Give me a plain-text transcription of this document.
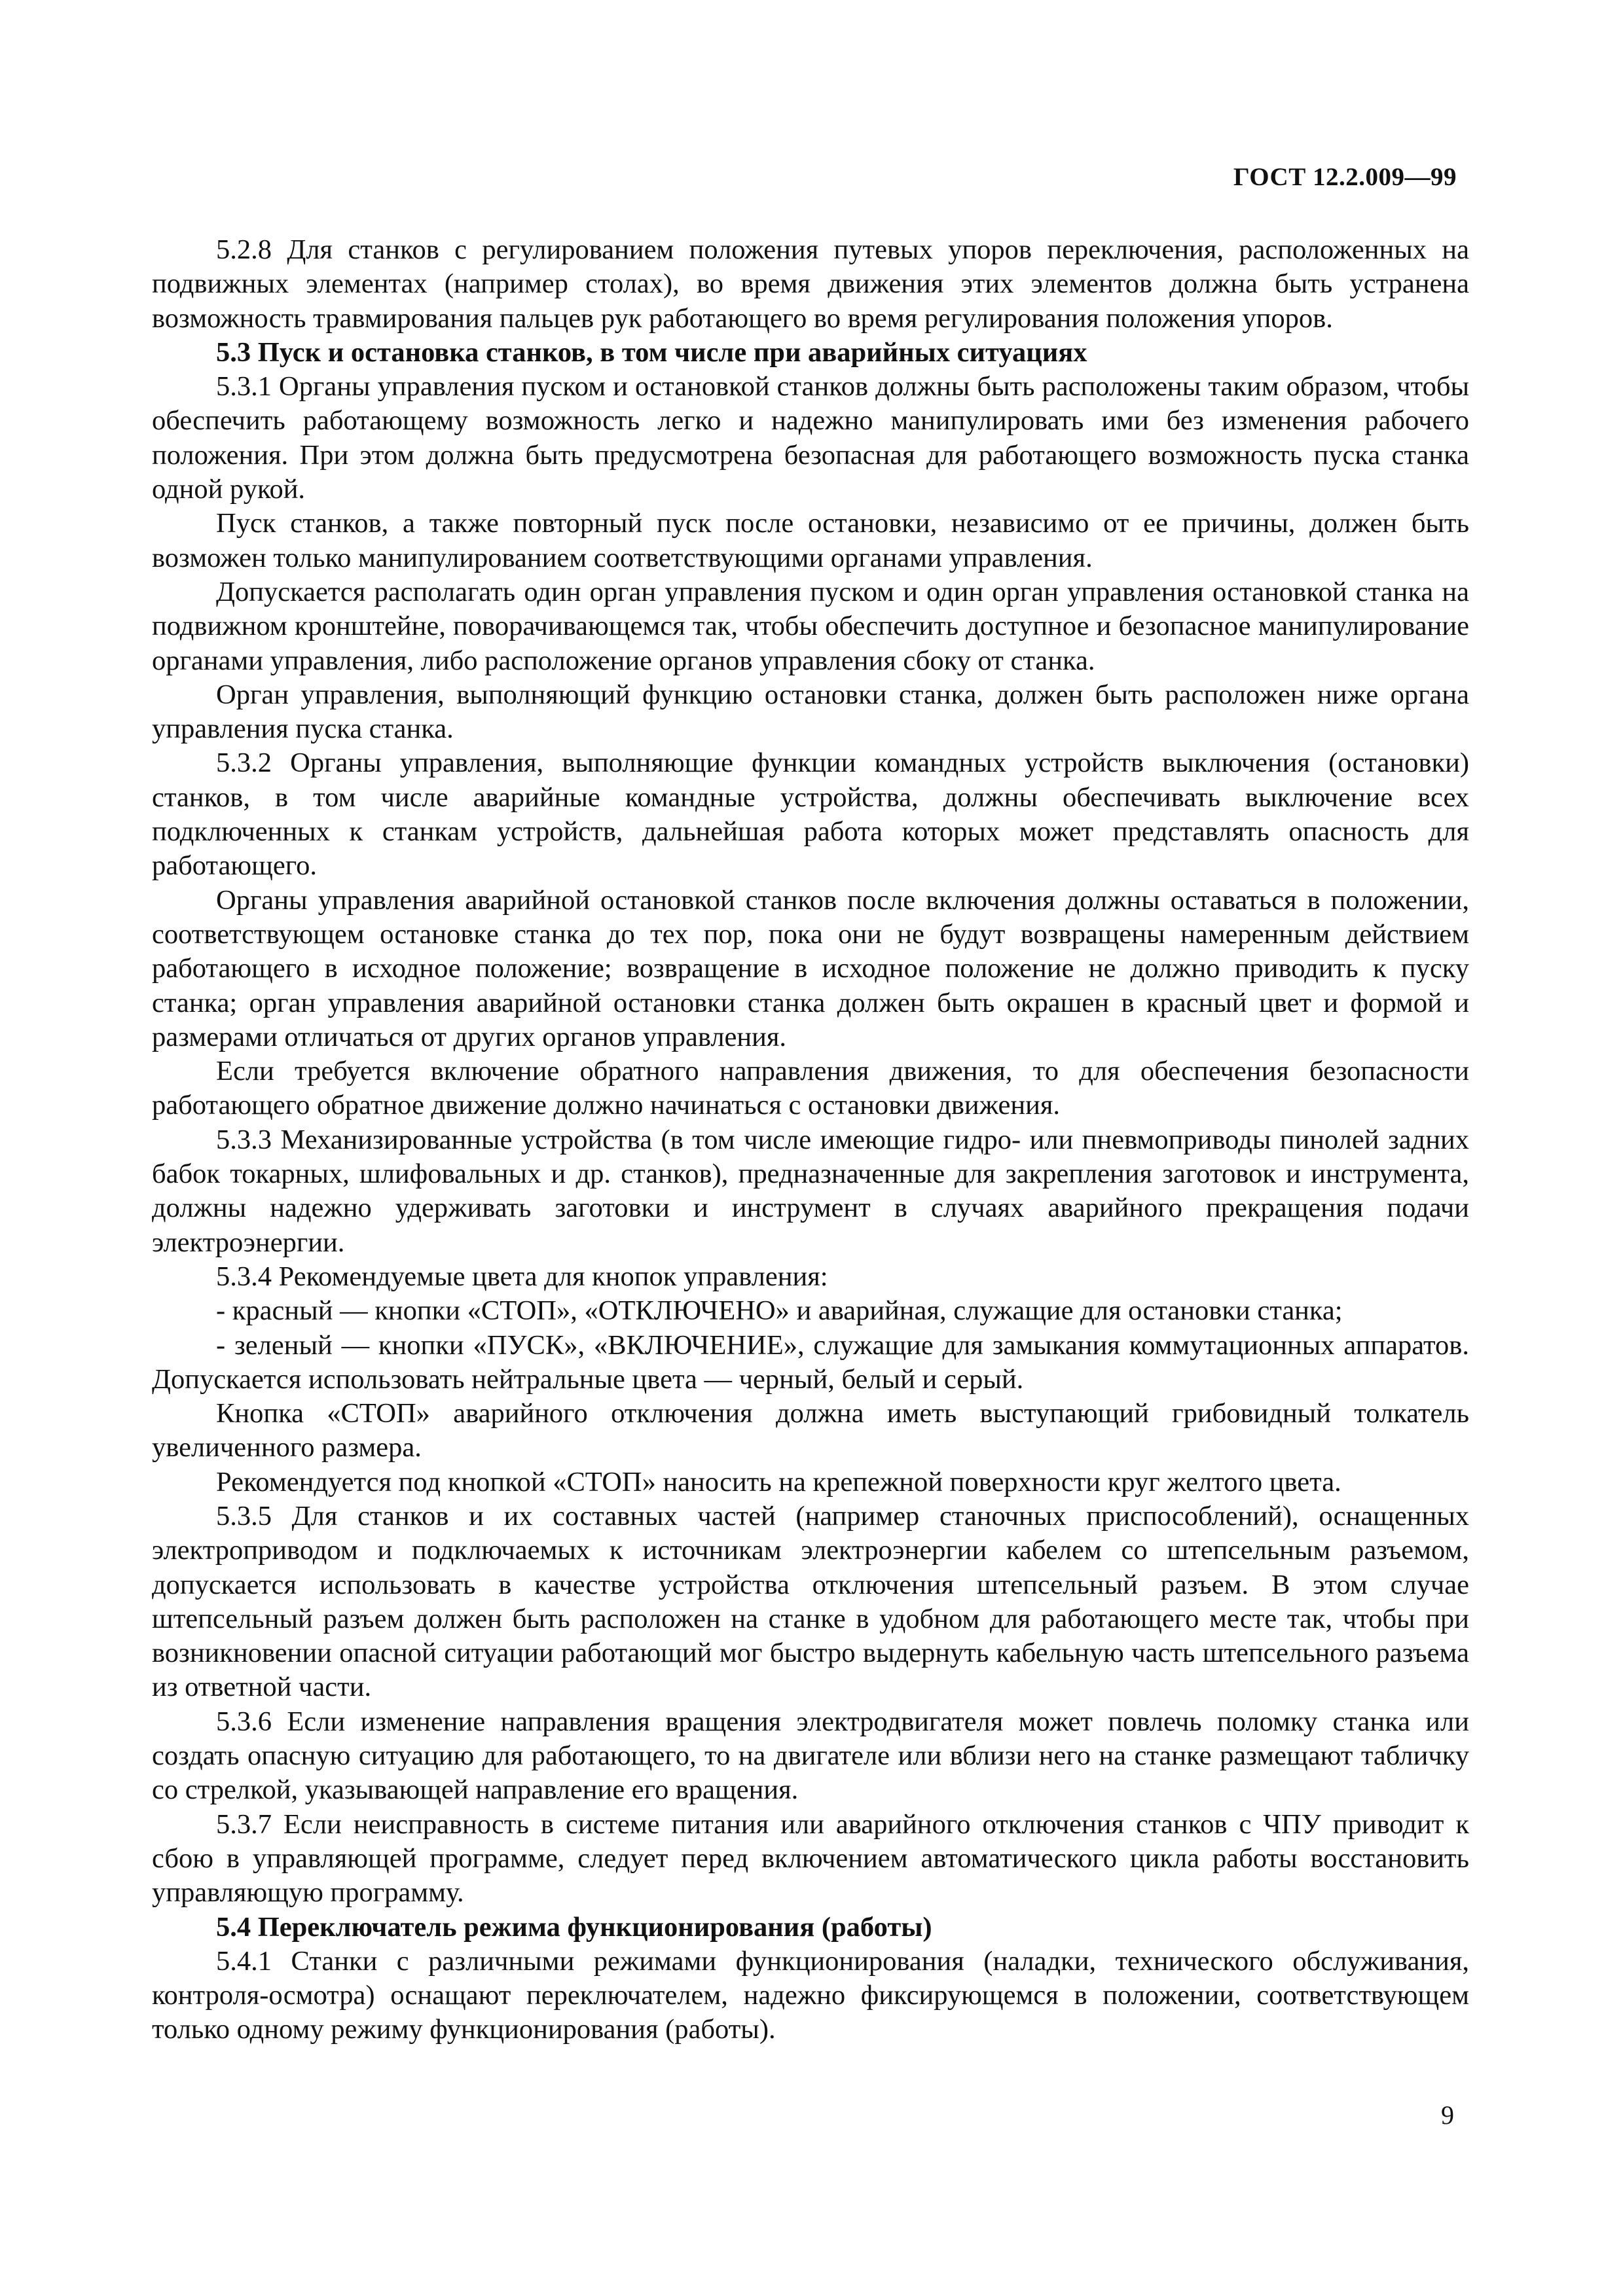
ГОСТ 12.2.009—99

5.2.8 Для станков с регулированием положения путевых упоров переключения, расположенных на подвижных элементах (например столах), во время движения этих элементов должна быть устранена возможность травмирования пальцев рук работающего во время регулирования положения упоров.

5.3 Пуск и остановка станков, в том числе при аварийных ситуациях

5.3.1 Органы управления пуском и остановкой станков должны быть расположены таким образом, чтобы обеспечить работающему возможность легко и надежно манипулировать ими без изменения рабочего положения. При этом должна быть предусмотрена безопасная для работающего возможность пуска станка одной рукой.

Пуск станков, а также повторный пуск после остановки, независимо от ее причины, должен быть возможен только манипулированием соответствующими органами управления.

Допускается располагать один орган управления пуском и один орган управления остановкой станка на подвижном кронштейне, поворачивающемся так, чтобы обеспечить доступное и безопасное манипулирование органами управления, либо расположение органов управления сбоку от станка.

Орган управления, выполняющий функцию остановки станка, должен быть расположен ниже органа управления пуска станка.

5.3.2 Органы управления, выполняющие функции командных устройств выключения (остановки) станков, в том числе аварийные командные устройства, должны обеспечивать выключение всех подключенных к станкам устройств, дальнейшая работа которых может представлять опасность для работающего.

Органы управления аварийной остановкой станков после включения должны оставаться в положении, соответствующем остановке станка до тех пор, пока они не будут возвращены намеренным действием работающего в исходное положение; возвращение в исходное положение не должно приводить к пуску станка; орган управления аварийной остановки станка должен быть окрашен в красный цвет и формой и размерами отличаться от других органов управления.

Если требуется включение обратного направления движения, то для обеспечения безопасности работающего обратное движение должно начинаться с остановки движения.

5.3.3 Механизированные устройства (в том числе имеющие гидро- или пневмоприводы пинолей задних бабок токарных, шлифовальных и др. станков), предназначенные для закрепления заготовок и инструмента, должны надежно удерживать заготовки и инструмент в случаях аварийного прекращения подачи электроэнергии.

5.3.4 Рекомендуемые цвета для кнопок управления:

- красный — кнопки «СТОП», «ОТКЛЮЧЕНО» и аварийная, служащие для остановки станка;

- зеленый — кнопки «ПУСК», «ВКЛЮЧЕНИЕ», служащие для замыкания коммутационных аппаратов. Допускается использовать нейтральные цвета — черный, белый и серый.

Кнопка «СТОП» аварийного отключения должна иметь выступающий грибовидный толкатель увеличенного размера.

Рекомендуется под кнопкой «СТОП» наносить на крепежной поверхности круг желтого цвета.

5.3.5 Для станков и их составных частей (например станочных приспособлений), оснащенных электроприводом и подключаемых к источникам электроэнергии кабелем со штепсельным разъемом, допускается использовать в качестве устройства отключения штепсельный разъем. В этом случае штепсельный разъем должен быть расположен на станке в удобном для работающего месте так, чтобы при возникновении опасной ситуации работающий мог быстро выдернуть кабельную часть штепсельного разъема из ответной части.

5.3.6 Если изменение направления вращения электродвигателя может повлечь поломку станка или создать опасную ситуацию для работающего, то на двигателе или вблизи него на станке размещают табличку со стрелкой, указывающей направление его вращения.

5.3.7 Если неисправность в системе питания или аварийного отключения станков с ЧПУ приводит к сбою в управляющей программе, следует перед включением автоматического цикла работы восстановить управляющую программу.

5.4 Переключатель режима функционирования (работы)

5.4.1 Станки с различными режимами функционирования (наладки, технического обслуживания, контроля-осмотра) оснащают переключателем, надежно фиксирующемся в положении, соответствующем только одному режиму функционирования (работы).

9
